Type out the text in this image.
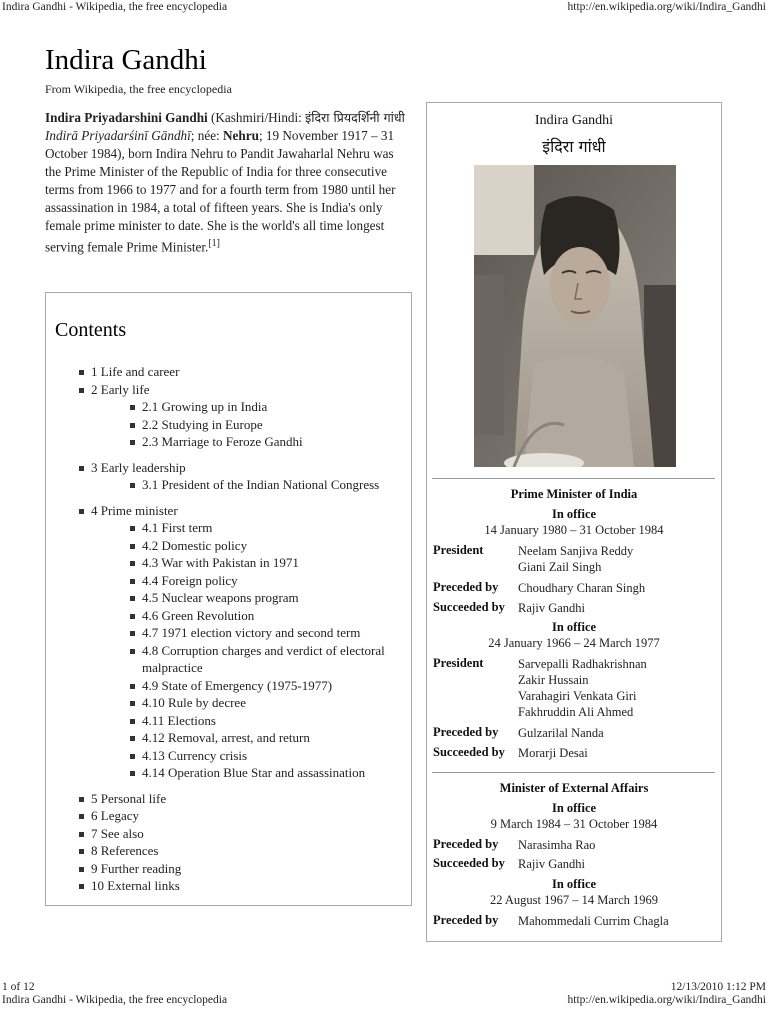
Indira Gandhi - Wikipedia, the free encyclopedia	http://en.wikipedia.org/wiki/Indira_Gandhi
Indira Gandhi
From Wikipedia, the free encyclopedia

Indira Priyadarshini Gandhi (Kashmiri/Hindi: इंदिरा प्रियदर्शिनी गांधी Indirā Priyadarśinī Gāndhī; née: Nehru; 19 November 1917 – 31 October 1984), born Indira Nehru to Pandit Jawaharlal Nehru was the Prime Minister of the Republic of India for three consecutive terms from 1966 to 1977 and for a fourth term from 1980 until her assassination in 1984, a total of fifteen years. She is India's only female prime minister to date. She is the world's all time longest serving female Prime Minister.[1]

Contents
1 Life and career
2 Early life
2.1 Growing up in India
2.2 Studying in Europe
2.3 Marriage to Feroze Gandhi
3 Early leadership
3.1 President of the Indian National Congress
4 Prime minister
4.1 First term
4.2 Domestic policy
4.3 War with Pakistan in 1971
4.4 Foreign policy
4.5 Nuclear weapons program
4.6 Green Revolution
4.7 1971 election victory and second term
4.8 Corruption charges and verdict of electoral malpractice
4.9 State of Emergency (1975-1977)
4.10 Rule by decree
4.11 Elections
4.12 Removal, arrest, and return
4.13 Currency crisis
4.14 Operation Blue Star and assassination
5 Personal life
6 Legacy
7 See also
8 References
9 Further reading
10 External links
Indira Gandhi
इंदिरा गांधी
Prime Minister of India
In office
14 January 1980 – 31 October 1984
President	Neelam Sanjiva Reddy
Giani Zail Singh
Preceded by Choudhary Charan Singh
Succeeded by Rajiv Gandhi
In office
24 January 1966 – 24 March 1977
President	Sarvepalli Radhakrishnan
Zakir Hussain
Varahagiri Venkata Giri
Fakhruddin Ali Ahmed
Preceded by Gulzarilal Nanda
Succeeded by Morarji Desai
Minister of External Affairs
In office
9 March 1984 – 31 October 1984
Preceded by Narasimha Rao
Succeeded by Rajiv Gandhi
In office
22 August 1967 – 14 March 1969
Preceded by Mahommedali Currim Chagla
1 of 12	12/13/2010 1:12 PM
Indira Gandhi - Wikipedia, the free encyclopedia	http://en.wikipedia.org/wiki/Indira_Gandhi
